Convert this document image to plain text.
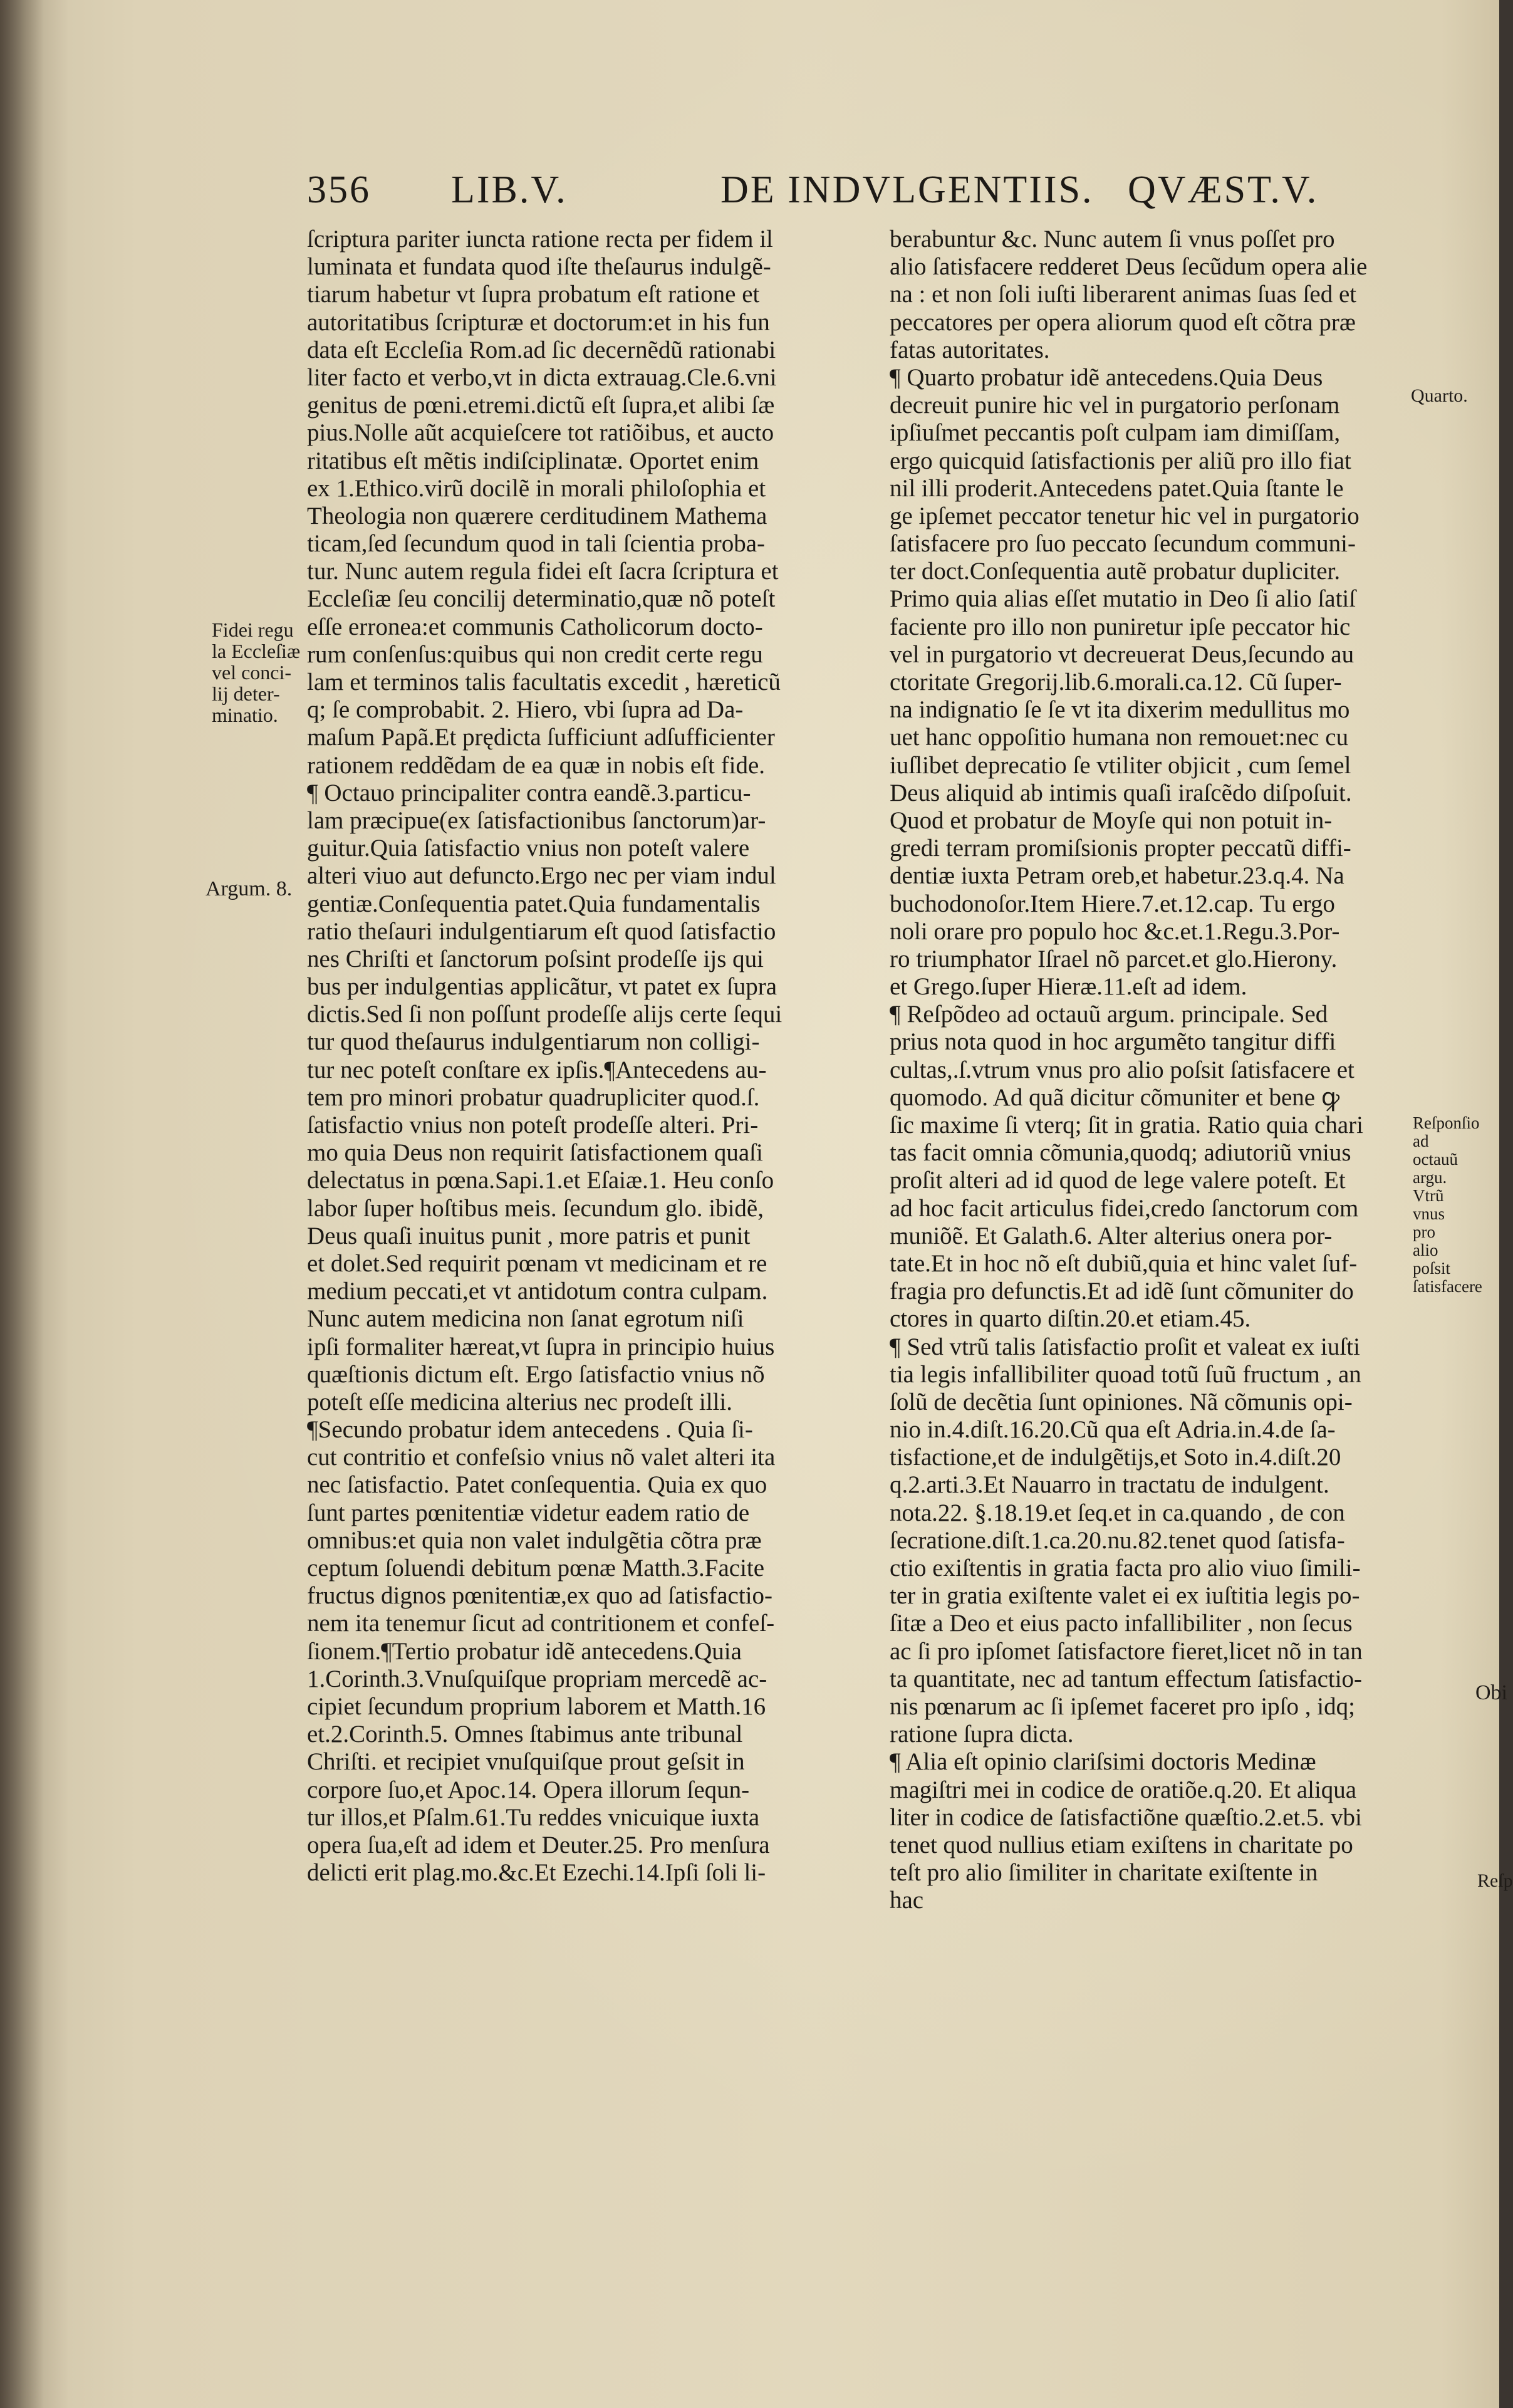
356 LIB.V.	DE INDVLGENTIIS. QVÆST.V.
ſcriptura pariter iuncta ratione recta per fidem il
luminata et fundata quod iſte theſaurus indulgẽ-
tiarum habetur vt ſupra probatum eſt ratione et
autoritatibus ſcripturæ et doctorum:et in his fun
data eſt Eccleſia Rom.ad ſic decernẽdũ rationabi
liter facto et verbo,vt in dicta extrauag.Cle.6.vni
genitus de pœni.etremi.dictũ eſt ſupra,et alibi ſæ
pius.Nolle aũt acquieſcere tot ratiõibus, et aucto
ritatibus eſt mẽtis indiſciplinatæ. Oportet enim
ex 1.Ethico.virũ docilẽ in morali philoſophia et
Theologia non quærere cerditudinem Mathema
ticam,ſed ſecundum quod in tali ſcientia proba-
tur. Nunc autem regula fidei eſt ſacra ſcriptura et
Eccleſiæ ſeu concilij determinatio,quæ nõ poteſt
eſſe erronea:et communis Catholicorum docto-
rum conſenſus:quibus qui non credit certe regu
lam et terminos talis facultatis excedit , hæreticũ
q; ſe comprobabit. 2. Hiero, vbi ſupra ad Da-
maſum Papã.Et prędicta ſufficiunt adſufficienter
rationem reddẽdam de ea quæ in nobis eſt fide.
¶ Octauo principaliter contra eandẽ.3.particu-
lam præcipue(ex ſatisfactionibus ſanctorum)ar-
guitur.Quia ſatisfactio vnius non poteſt valere
alteri viuo aut defuncto.Ergo nec per viam indul
gentiæ.Conſequentia patet.Quia fundamentalis
ratio theſauri indulgentiarum eſt quod ſatisfactio
nes Chriſti et ſanctorum poſsint prodeſſe ijs qui
bus per indulgentias applicãtur, vt patet ex ſupra
dictis.Sed ſi non poſſunt prodeſſe alijs certe ſequi
tur quod theſaurus indulgentiarum non colligi-
tur nec poteſt conſtare ex ipſis.¶Antecedens au-
tem pro minori probatur quadrupliciter quod.ſ.
ſatisfactio vnius non poteſt prodeſſe alteri. Pri-
mo quia Deus non requirit ſatisfactionem quaſi
delectatus in pœna.Sapi.1.et Eſaiæ.1. Heu conſo
labor ſuper hoſtibus meis. ſecundum glo. ibidẽ,
Deus quaſi inuitus punit , more patris et punit
et dolet.Sed requirit pœnam vt medicinam et re
medium peccati,et vt antidotum contra culpam.
Nunc autem medicina non ſanat egrotum niſi
ipſi formaliter hæreat,vt ſupra in principio huius
quæſtionis dictum eſt. Ergo ſatisfactio vnius nõ
poteſt eſſe medicina alterius nec prodeſt illi.
¶Secundo probatur idem antecedens . Quia ſi-
cut contritio et confeſsio vnius nõ valet alteri ita
nec ſatisfactio. Patet conſequentia. Quia ex quo
ſunt partes pœnitentiæ videtur eadem ratio de
omnibus:et quia non valet indulgẽtia cõtra præ
ceptum ſoluendi debitum pœnæ Matth.3.Facite
fructus dignos pœnitentiæ,ex quo ad ſatisfactio-
nem ita tenemur ſicut ad contritionem et confeſ-
ſionem.¶Tertio probatur idẽ antecedens.Quia
1.Corinth.3.Vnuſquiſque propriam mercedẽ ac-
cipiet ſecundum proprium laborem et Matth.16
et.2.Corinth.5. Omnes ſtabimus ante tribunal
Chriſti. et recipiet vnuſquiſque prout geſsit in
corpore ſuo,et Apoc.14. Opera illorum ſequn-
tur illos,et Pſalm.61.Tu reddes vnicuique iuxta
opera ſua,eſt ad idem et Deuter.25. Pro menſura
delicti erit plag.mo.&c.Et Ezechi.14.Ipſi ſoli li-
berabuntur &c. Nunc autem ſi vnus poſſet pro
alio ſatisfacere redderet Deus ſecũdum opera alie
na : et non ſoli iuſti liberarent animas ſuas ſed et
peccatores per opera aliorum quod eſt cõtra præ
fatas autoritates.
¶ Quarto probatur idẽ antecedens.Quia Deus
decreuit punire hic vel in purgatorio perſonam
ipſiuſmet peccantis poſt culpam iam dimiſſam,
ergo quicquid ſatisfactionis per aliũ pro illo fiat
nil illi proderit.Antecedens patet.Quia ſtante le
ge ipſemet peccator tenetur hic vel in purgatorio
ſatisfacere pro ſuo peccato ſecundum communi-
ter doct.Conſequentia autẽ probatur dupliciter.
Primo quia alias eſſet mutatio in Deo ſi alio ſatiſ
faciente pro illo non puniretur ipſe peccator hic
vel in purgatorio vt decreuerat Deus,ſecundo au
ctoritate Gregorij.lib.6.morali.ca.12. Cũ ſuper-
na indignatio ſe ſe vt ita dixerim medullitus mo
uet hanc oppoſitio humana non remouet:nec cu
iuſlibet deprecatio ſe vtiliter objicit , cum ſemel
Deus aliquid ab intimis quaſi iraſcẽdo diſpoſuit.
Quod et probatur de Moyſe qui non potuit in-
gredi terram promiſsionis propter peccatũ diffi-
dentiæ iuxta Petram oreb,et habetur.23.q.4. Na
buchodonoſor.Item Hiere.7.et.12.cap. Tu ergo
noli orare pro populo hoc &c.et.1.Regu.3.Por-
ro triumphator Iſrael nõ parcet.et glo.Hierony.
et Grego.ſuper Hieræ.11.eſt ad idem.
¶ Reſpõdeo ad octauũ argum. principale. Sed
prius nota quod in hoc argumẽto tangitur diffi
cultas,.ſ.vtrum vnus pro alio poſsit ſatisfacere et
quomodo. Ad quã dicitur cõmuniter et bene ꝙ
ſic maxime ſi vterq; ſit in gratia. Ratio quia chari
tas facit omnia cõmunia,quodq; adiutoriũ vnius
proſit alteri ad id quod de lege valere poteſt. Et
ad hoc facit articulus fidei,credo ſanctorum com
muniõẽ. Et Galath.6. Alter alterius onera por-
tate.Et in hoc nõ eſt dubiũ,quia et hinc valet ſuf-
fragia pro defunctis.Et ad idẽ ſunt cõmuniter do
ctores in quarto diſtin.20.et etiam.45.
¶ Sed vtrũ talis ſatisfactio proſit et valeat ex iuſti
tia legis infallibiliter quoad totũ ſuũ fructum , an
ſolũ de decẽtia ſunt opiniones. Nã cõmunis opi-
nio in.4.diſt.16.20.Cũ qua eſt Adria.in.4.de ſa-
tisfactione,et de indulgẽtijs,et Soto in.4.diſt.20
q.2.arti.3.Et Nauarro in tractatu de indulgent.
nota.22. §.18.19.et ſeq.et in ca.quando , de con
ſecratione.diſt.1.ca.20.nu.82.tenet quod ſatisfa-
ctio exiſtentis in gratia facta pro alio viuo ſimili-
ter in gratia exiſtente valet ei ex iuſtitia legis po-
ſitæ a Deo et eius pacto infallibiliter , non ſecus
ac ſi pro ipſomet ſatisfactore fieret,licet nõ in tan
ta quantitate, nec ad tantum effectum ſatisfactio-
nis pœnarum ac ſi ipſemet faceret pro ipſo , idq;
ratione ſupra dicta.
¶ Alia eſt opinio clariſsimi doctoris Medinæ
magiſtri mei in codice de oratiõe.q.20. Et aliqua
liter in codice de ſatisfactiõne quæſtio.2.et.5. vbi
tenet quod nullius etiam exiſtens in charitate po
teſt pro alio ſimiliter in charitate exiſtente in
hac
Fidei regu
la Eccleſiæ
vel conci-
lij deter-
minatio.
Argum. 8.
Quarto.
Reſponſio
ad octauũ
argu. Vtrũ
vnus pro
alio poſsit
ſatisfacere
Obi
Reſp
